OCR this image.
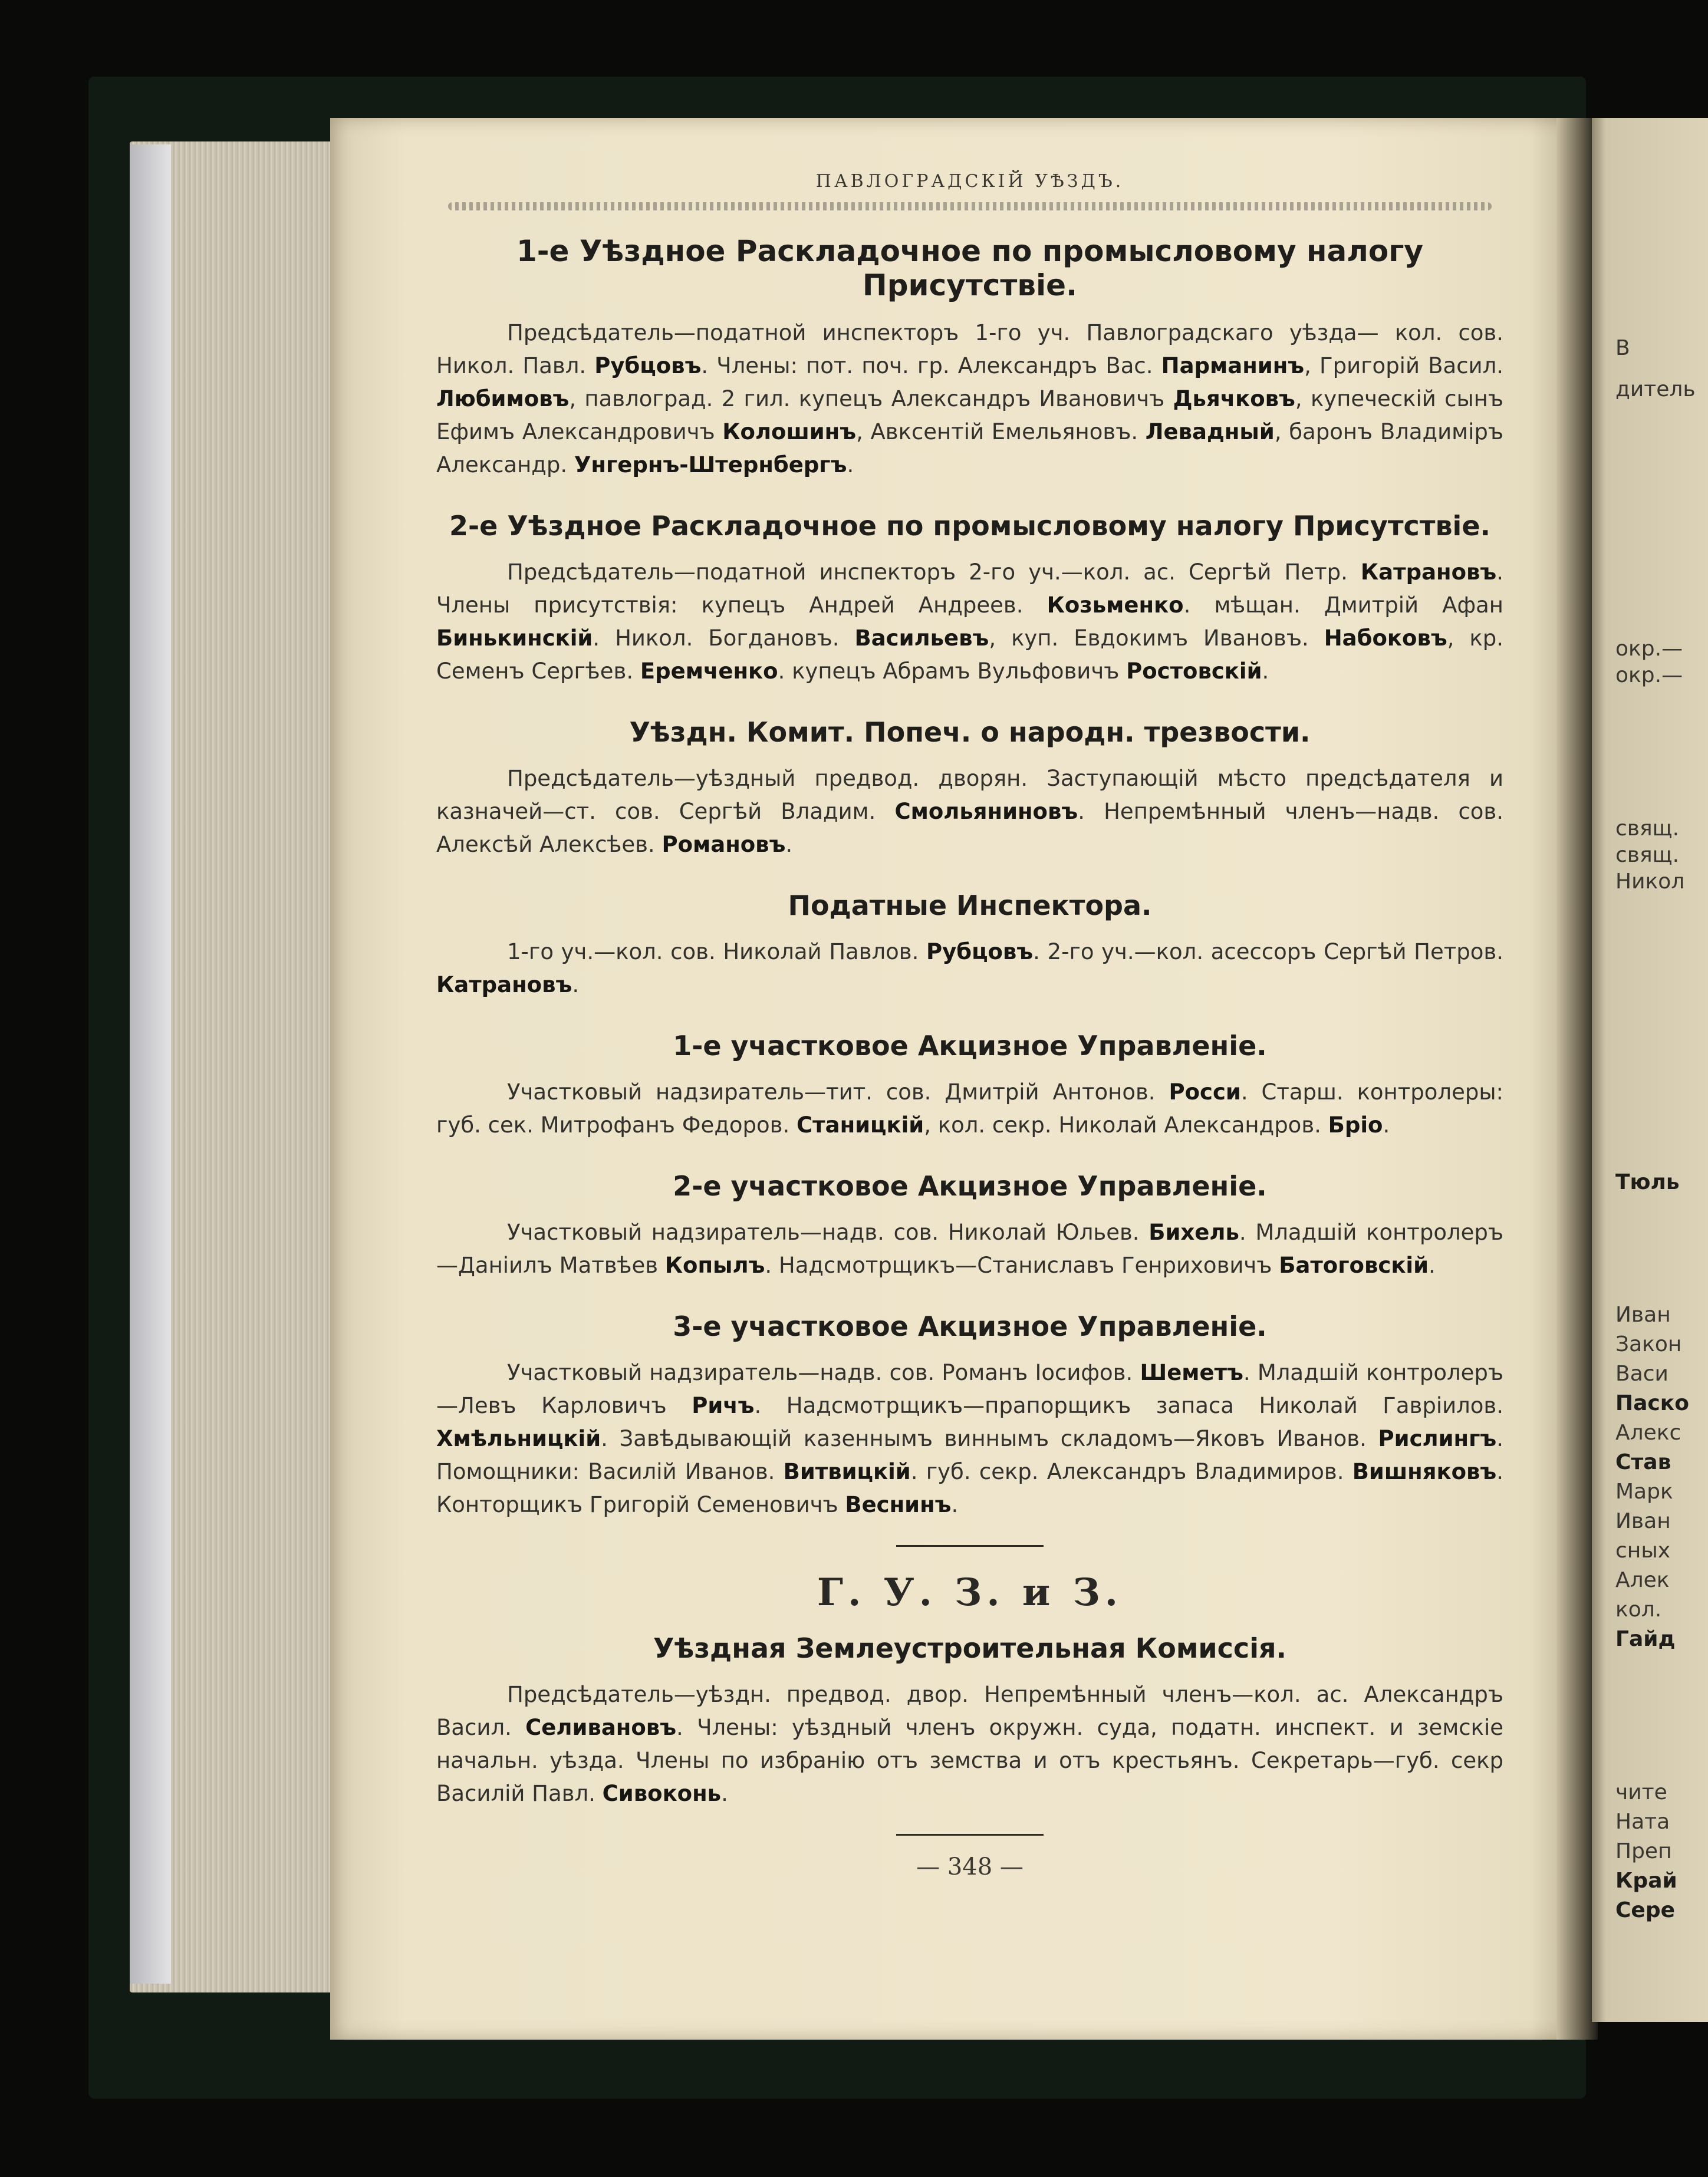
ПАВЛОГРАДСКІЙ УѢЗДЪ.
1-е Уѣздное Раскладочное по промысловому налогу Присутствіе.

Предсѣдатель—податной инспекторъ 1-го уч. Павлоградскаго уѣзда— кол. сов. Никол. Павл. Рубцовъ. Члены: пот. поч. гр. Александръ Вас. Парманинъ, Григорій Васил. Любимовъ, павлоград. 2 гил. купецъ Александръ Ивановичъ Дьячковъ, купеческій сынъ Ефимъ Александровичъ Колошинъ, Авксентій Емельяновъ. Левадный, баронъ Владиміръ Александр. Унгернъ-Штернбергъ.

2-е Уѣздное Раскладочное по промысловому налогу Присутствіе.

Предсѣдатель—податной инспекторъ 2-го уч.—кол. ас. Сергѣй Петр. Катрановъ. Члены присутствія: купецъ Андрей Андреев. Козьменко. мѣщан. Дмитрій Афан Бинькинскій. Никол. Богдановъ. Васильевъ, куп. Евдокимъ Ивановъ. Набоковъ, кр. Семенъ Сергѣев. Еремченко. купецъ Абрамъ Вульфовичъ Ростовскій.

Уѣздн. Комит. Попеч. о народн. трезвости.

Предсѣдатель—уѣздный предвод. дворян. Заступающій мѣсто предсѣдателя и казначей—ст. сов. Сергѣй Владим. Смольяниновъ. Непремѣнный членъ—надв. сов. Алексѣй Алексѣев. Романовъ.

Податные Инспектора.

1-го уч.—кол. сов. Николай Павлов. Рубцовъ. 2-го уч.—кол. асессоръ Сергѣй Петров. Катрановъ.

1-е участковое Акцизное Управленіе.

Участковый надзиратель—тит. сов. Дмитрій Антонов. Росси. Старш. контролеры: губ. сек. Митрофанъ Федоров. Станицкій, кол. секр. Николай Александров. Бріо.

2-е участковое Акцизное Управленіе.

Участковый надзиратель—надв. сов. Николай Юльев. Бихель. Младшій контролеръ—Даніилъ Матвѣев Копылъ. Надсмотрщикъ—Станиславъ Генриховичъ Батоговскій.

3-е участковое Акцизное Управленіе.

Участковый надзиратель—надв. сов. Романъ Іосифов. Шеметъ. Младшій контролеръ—Левъ Карловичъ Ричъ. Надсмотрщикъ—прапорщикъ запаса Николай Гавріилов. Хмѣльницкій. Завѣдывающій казеннымъ виннымъ складомъ—Яковъ Иванов. Рислингъ. Помощники: Василій Иванов. Витвицкій. губ. секр. Александръ Владимиров. Вишняковъ. Конторщикъ Григорій Семеновичъ Веснинъ.

Г. У. З. и З.
Уѣздная Землеустроительная Комиссія.

Предсѣдатель—уѣздн. предвод. двор. Непремѣнный членъ—кол. ас. Александръ Васил. Селивановъ. Члены: уѣздный членъ окружн. суда, податн. инспект. и земскіе начальн. уѣзда. Члены по избранію отъ земства и отъ крестьянъ. Секретарь—губ. секр Василій Павл. Сивоконь.

— 348 —
В
дитель
окр.—
окр.—
свящ.
свящ.
Никол
Тюль
Иван
Закон
Васи
Паско
Алекс
Став
Марк
Иван
сных
Алек
кол.
Гайд
чите
Ната
Преп
Край
Сере
